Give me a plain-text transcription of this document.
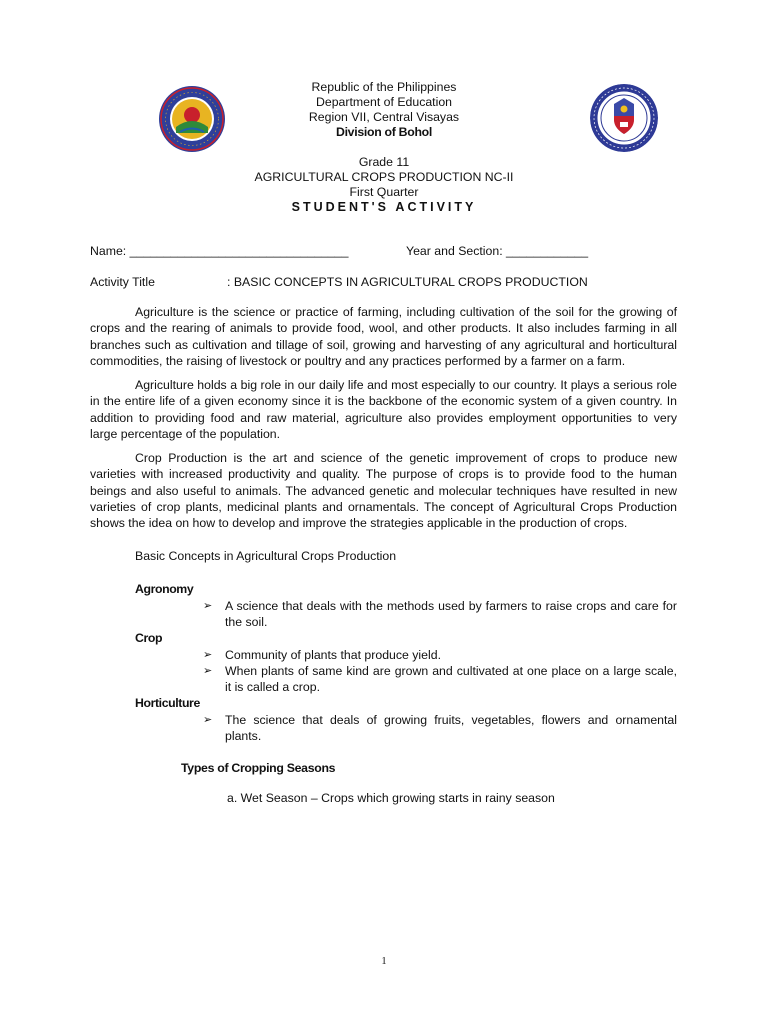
Republic of the Philippines
Department of Education
Region VII, Central Visayas
Division of Bohol
Grade 11
AGRICULTURAL CROPS PRODUCTION NC-II
First Quarter
STUDENT'S ACTIVITY
Name: ________________________________	Year and Section: ____________
Activity Title	: BASIC CONCEPTS IN AGRICULTURAL CROPS PRODUCTION
Agriculture is the science or practice of farming, including cultivation of the soil for the growing of crops and the rearing of animals to provide food, wool, and other products. It also includes farming in all branches such as cultivation and tillage of soil, growing and harvesting of any agricultural and horticultural commodities, the raising of livestock or poultry and any practices performed by a farmer on a farm.
Agriculture holds a big role in our daily life and most especially to our country. It plays a serious role in the entire life of a given economy since it is the backbone of the economic system of a given country. In addition to providing food and raw material, agriculture also provides employment opportunities to very large percentage of the population.
Crop Production is the art and science of the genetic improvement of crops to produce new varieties with increased productivity and quality. The purpose of crops is to provide food to the human beings and also useful to animals. The advanced genetic and molecular techniques have resulted in new varieties of crop plants, medicinal plants and ornamentals. The concept of Agricultural Crops Production shows the idea on how to develop and improve the strategies applicable in the production of crops.
Basic Concepts in Agricultural Crops Production
Agronomy
➢	A science that deals with the methods used by farmers to raise crops and care for the soil.
Crop
➢	Community of plants that produce yield.
➢	When plants of same kind are grown and cultivated at one place on a large scale, it is called a crop.
Horticulture
➢	The science that deals of growing fruits, vegetables, flowers and ornamental plants.
Types of Cropping Seasons
a. Wet Season – Crops which growing starts in rainy season
1
